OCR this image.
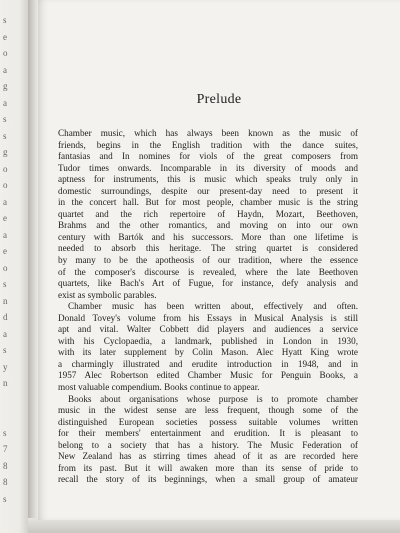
s
e
o
a
g
a
s
s
g
o
o
a
e
a
e
o
s
n
d
a
s
y
n
s
7
8
8
s
Prelude
Chamber music, which has always been known as the music of
friends, begins in the English tradition with the dance suites,
fantasias and In nomines for viols of the great composers from
Tudor times onwards. Incomparable in its diversity of moods and
aptness for instruments, this is music which speaks truly only in
domestic surroundings, despite our present-day need to present it
in the concert hall. But for most people, chamber music is the string
quartet and the rich repertoire of Haydn, Mozart, Beethoven,
Brahms and the other romantics, and moving on into our own
century with Bartók and his successors. More than one lifetime is
needed to absorb this heritage. The string quartet is considered
by many to be the apotheosis of our tradition, where the essence
of the composer's discourse is revealed, where the late Beethoven
quartets, like Bach's Art of Fugue, for instance, defy analysis and
exist as symbolic parables.
Chamber music has been written about, effectively and often.
Donald Tovey's volume from his Essays in Musical Analysis is still
apt and vital. Walter Cobbett did players and audiences a service
with his Cyclopaedia, a landmark, published in London in 1930,
with its later supplement by Colin Mason. Alec Hyatt King wrote
a charmingly illustrated and erudite introduction in 1948, and in
1957 Alec Robertson edited Chamber Music for Penguin Books, a
most valuable compendium. Books continue to appear.
Books about organisations whose purpose is to promote chamber
music in the widest sense are less frequent, though some of the
distinguished European societies possess suitable volumes written
for their members' entertainment and erudition. It is pleasant to
belong to a society that has a history. The Music Federation of
New Zealand has as stirring times ahead of it as are recorded here
from its past. But it will awaken more than its sense of pride to
recall the story of its beginnings, when a small group of amateur
